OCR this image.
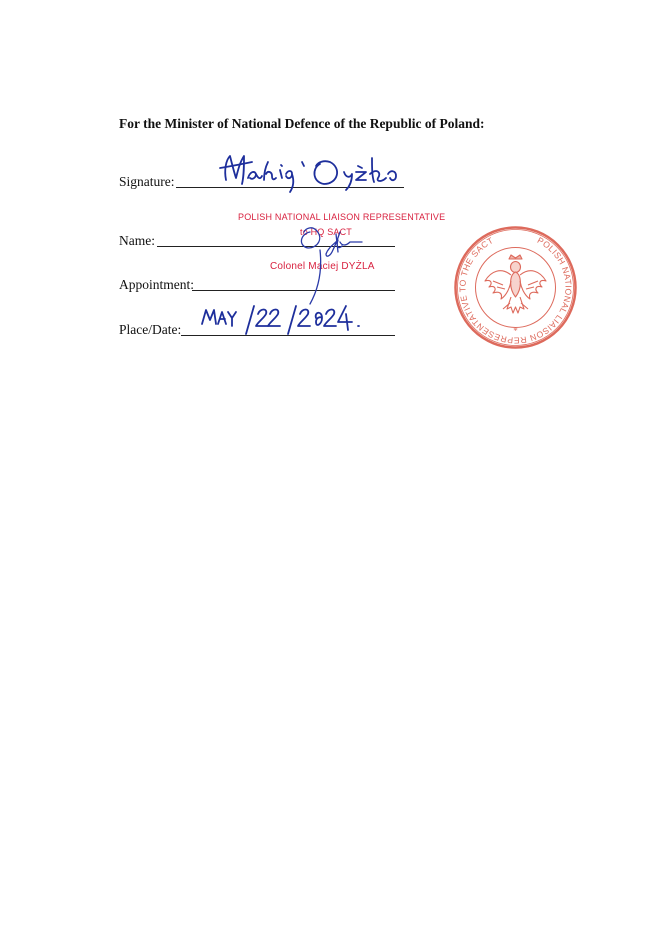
For the Minister of National Defence of the Republic of Poland:
Signature:
Name:
Appointment:
Place/Date:
POLISH NATIONAL LIAISON REPRESENTATIVE
to HQ SACT
Colonel Maciej DYŻLA
POLISH NATIONAL LIAISON REPRESENTATIVE TO THE SACT
*
